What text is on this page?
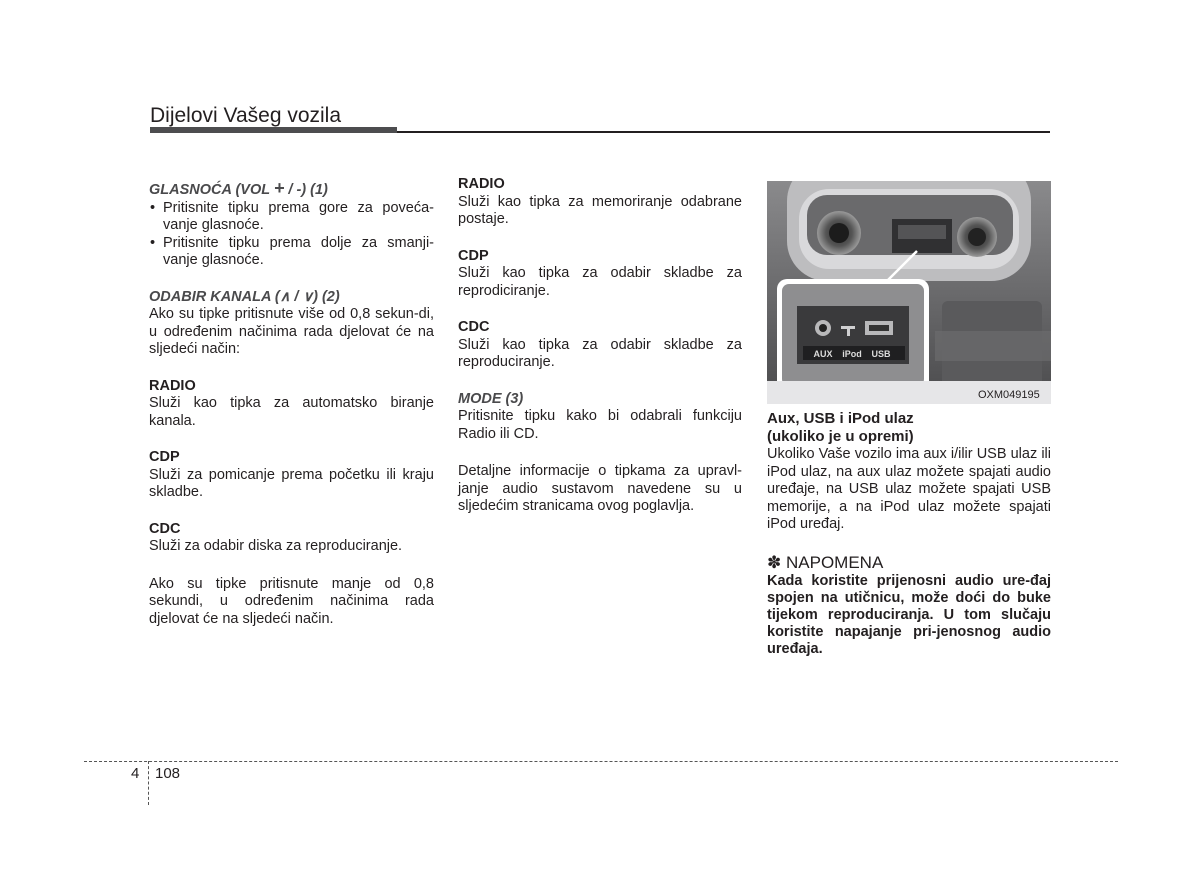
Dijelovi Vašeg vozila

GLASNOĆA (VOL + / -) (1)

• Pritisnite tipku prema gore za poveća-vanje glasnoće.

• Pritisnite tipku prema dolje za smanji-vanje glasnoće.

ODABIR KANALA (∧ / ∨) (2)

Ako su tipke pritisnute više od 0,8 sekun-di, u određenim načinima rada djelovat će na sljedeći način:

RADIO

Služi kao tipka za automatsko biranje kanala.

CDP

Služi za pomicanje prema početku ili kraju skladbe.

CDC

Služi za odabir diska za reproduciranje.

Ako su tipke pritisnute manje od 0,8 sekundi, u određenim načinima rada djelovat će na sljedeći način.

RADIO

Služi kao tipka za memoriranje odabrane postaje.

CDP

Služi kao tipka za odabir skladbe za reprodiciranje.

CDC

Služi kao tipka za odabir skladbe za reproduciranje.

MODE (3)

Pritisnite tipku kako bi odabrali funkciju Radio ili CD.

Detaljne informacije o tipkama za upravl-janje audio sustavom navedene su u sljedećim stranicama ovog poglavlja.

AUX iPod USB
OXM049195

Aux, USB i iPod ulaz

(ukoliko je u opremi)

Ukoliko Vaše vozilo ima aux i/ilir USB ulaz ili iPod ulaz, na aux ulaz možete spajati audio uređaje, na USB ulaz možete spajati USB memorije, a na iPod ulaz možete spajati iPod uređaj.

✽ NAPOMENA

Kada koristite prijenosni audio ure-đaj spojen na utičnicu, može doći do buke tijekom reproduciranja. U tom slučaju koristite napajanje pri-jenosnog audio uređaja.

4 108
